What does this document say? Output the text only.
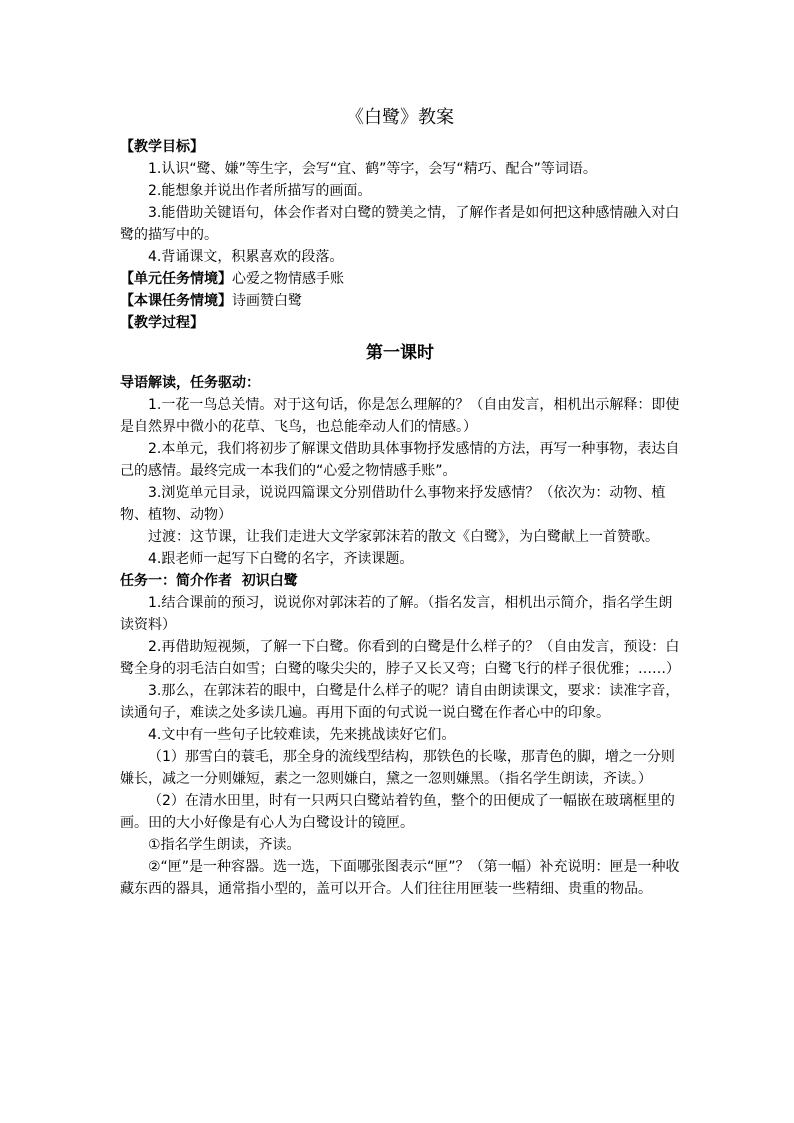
《白鹭》教案
【教学目标】
1.认识“鹭、嫌”等生字，会写“宜、鹤”等字，会写“精巧、配合”等词语。
2.能想象并说出作者所描写的画面。
3.能借助关键语句，体会作者对白鹭的赞美之情，了解作者是如何把这种感情融入对白鹭的描写中的。
4.背诵课文，积累喜欢的段落。
【单元任务情境】心爱之物情感手账
【本课任务情境】诗画赞白鹭
【教学过程】
第一课时
导语解读，任务驱动：
1.一花一鸟总关情。对于这句话，你是怎么理解的？（自由发言，相机出示解释：即使是自然界中微小的花草、飞鸟，也总能牵动人们的情感。）
2.本单元，我们将初步了解课文借助具体事物抒发感情的方法，再写一种事物，表达自己的感情。最终完成一本我们的“心爱之物情感手账”。
3.浏览单元目录，说说四篇课文分别借助什么事物来抒发感情？（依次为：动物、植物、植物、动物）
过渡：这节课，让我们走进大文学家郭沫若的散文《白鹭》，为白鹭献上一首赞歌。
4.跟老师一起写下白鹭的名字，齐读课题。
任务一：简介作者  初识白鹭
1.结合课前的预习，说说你对郭沫若的了解。（指名发言，相机出示简介，指名学生朗读资料）
2.再借助短视频，了解一下白鹭。你看到的白鹭是什么样子的？（自由发言，预设：白鹭全身的羽毛洁白如雪；白鹭的喙尖尖的，脖子又长又弯；白鹭飞行的样子很优雅；……）
3.那么，在郭沫若的眼中，白鹭是什么样子的呢？请自由朗读课文，要求：读准字音，读通句子，难读之处多读几遍。再用下面的句式说一说白鹭在作者心中的印象。
4.文中有一些句子比较难读，先来挑战读好它们。
（1）那雪白的蓑毛，那全身的流线型结构，那铁色的长喙，那青色的脚，增之一分则嫌长，减之一分则嫌短，素之一忽则嫌白，黛之一忽则嫌黑。（指名学生朗读，齐读。）
（2）在清水田里，时有一只两只白鹭站着钓鱼，整个的田便成了一幅嵌在玻璃框里的画。田的大小好像是有心人为白鹭设计的镜匣。
①指名学生朗读，齐读。
②“匣”是一种容器。选一选，下面哪张图表示“匣”？（第一幅）补充说明：匣是一种收藏东西的器具，通常指小型的，盖可以开合。人们往往用匣装一些精细、贵重的物品。
